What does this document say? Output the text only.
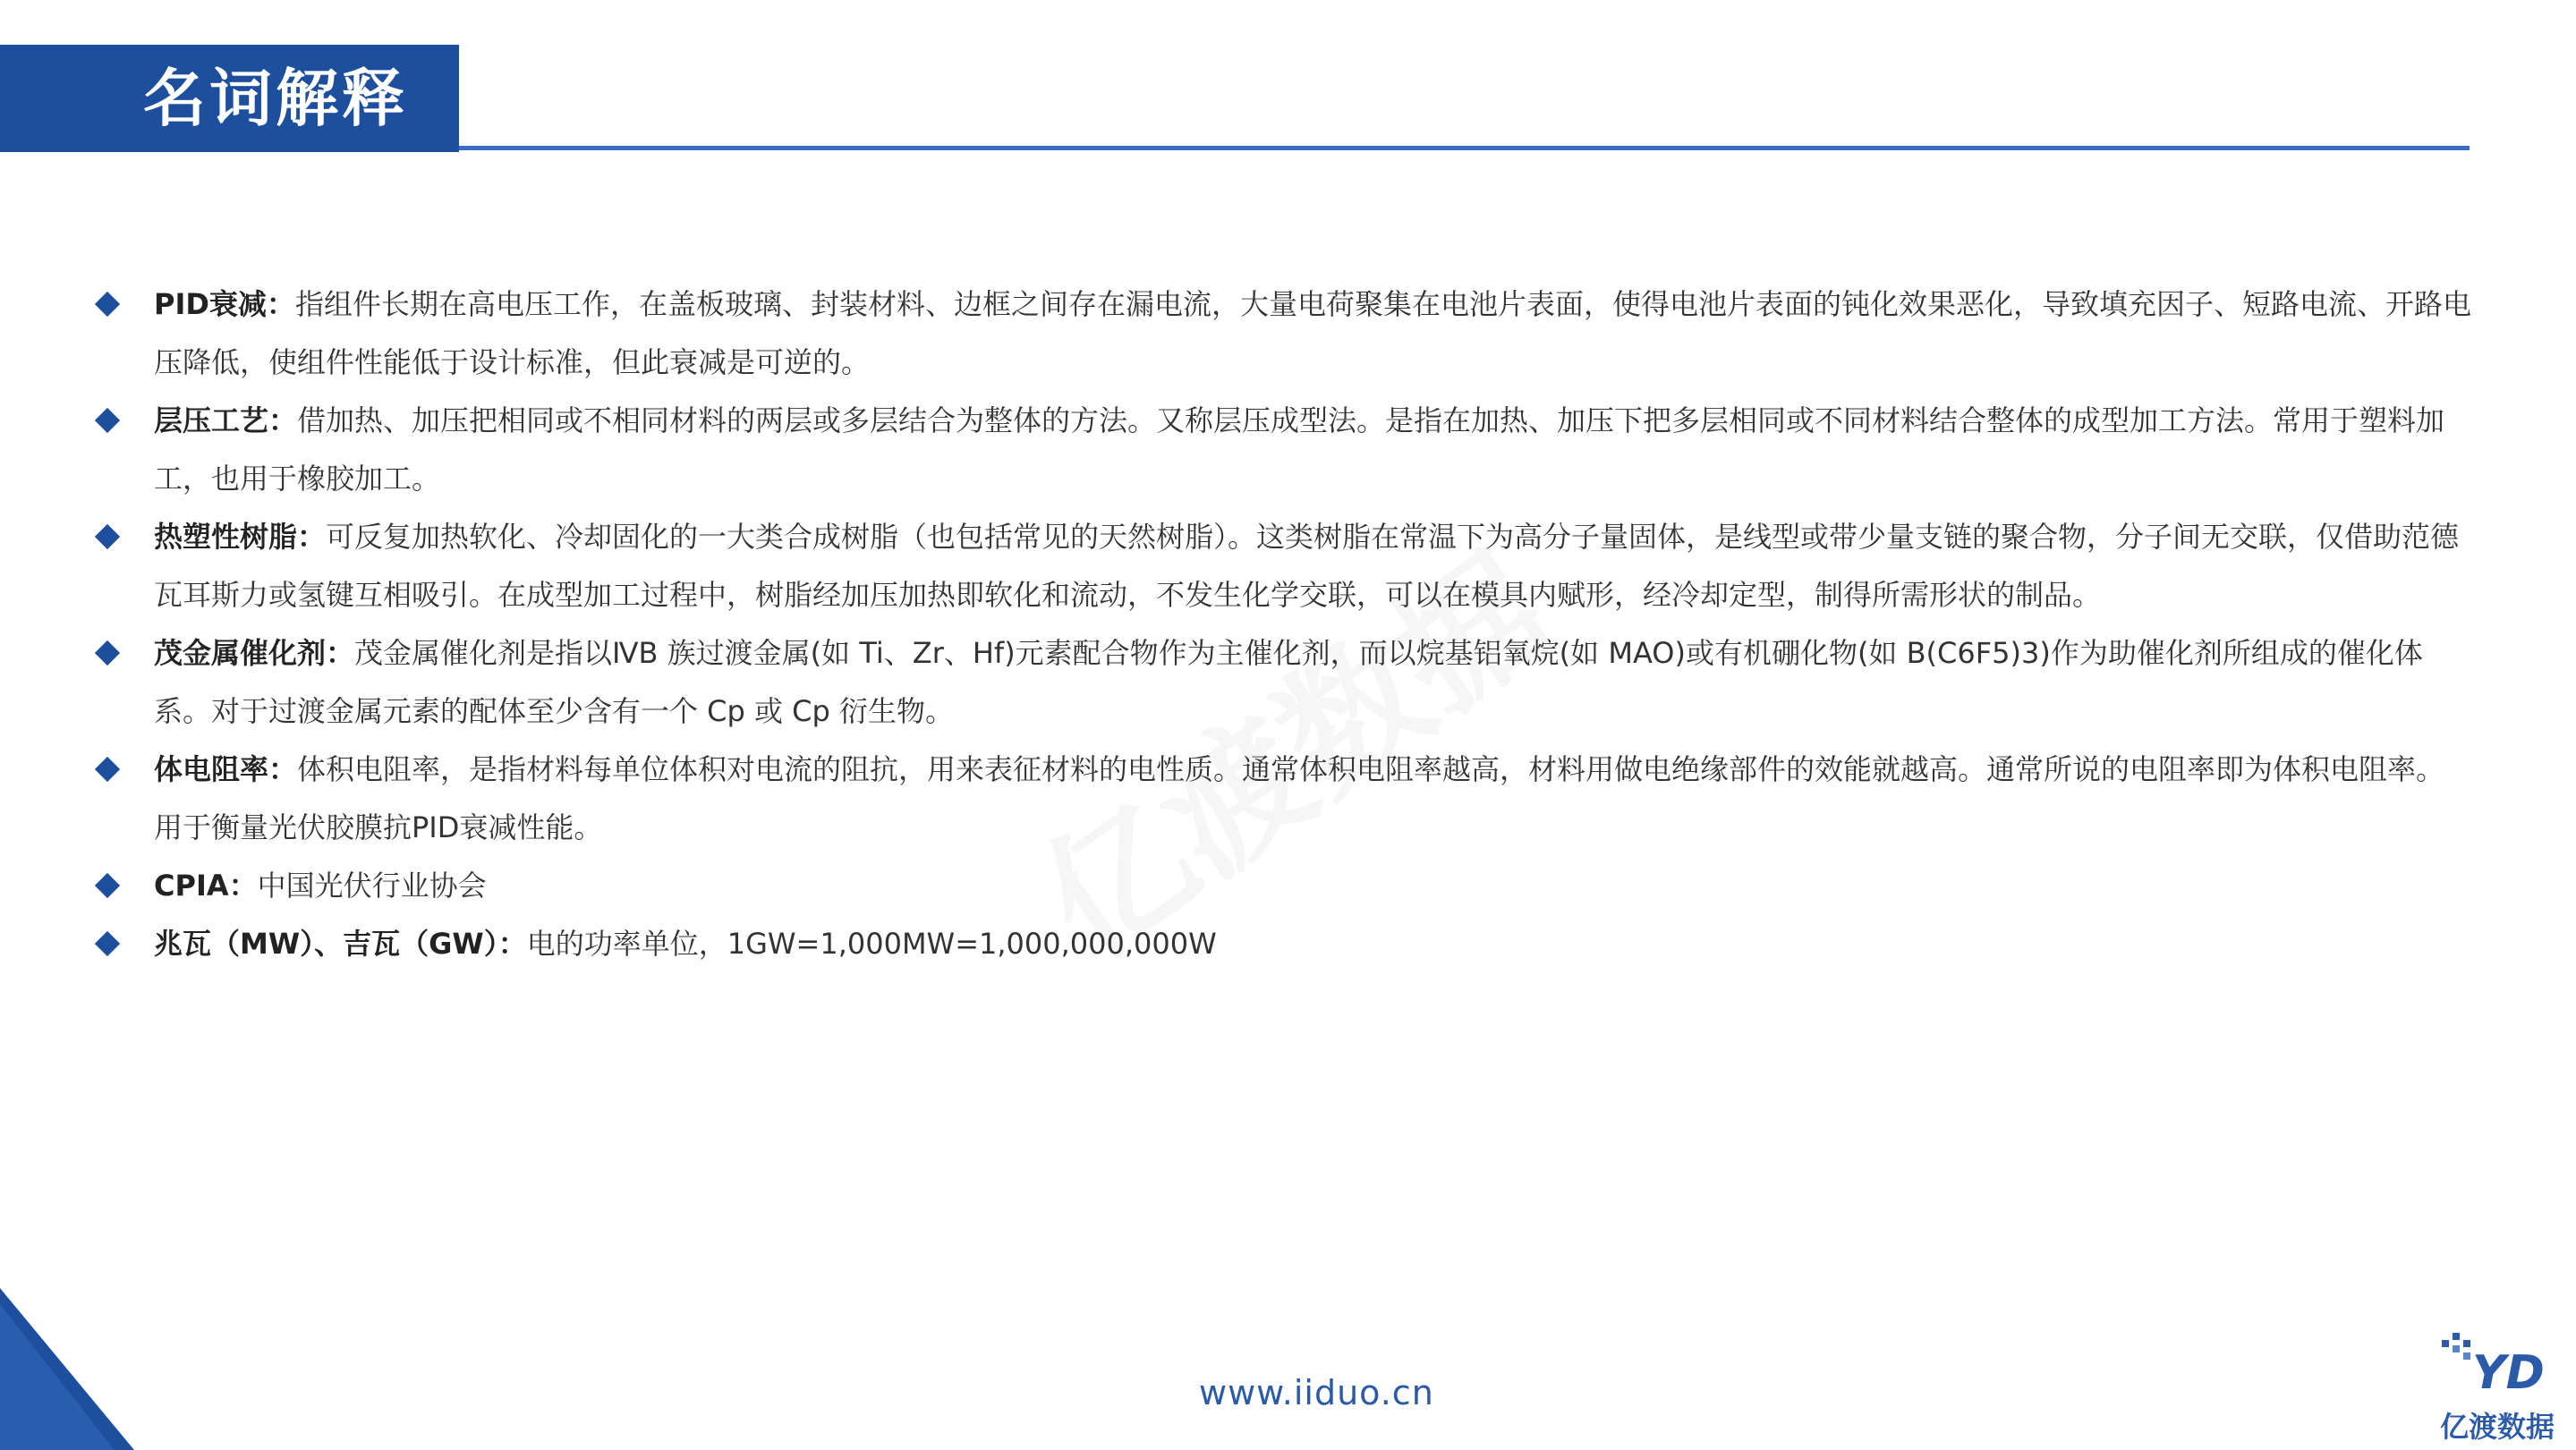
名词解释
亿渡数据
PID衰减：指组件长期在高电压工作，在盖板玻璃、封装材料、边框之间存在漏电流，大量电荷聚集在电池片表面，使得电池片表面的钝化效果恶化，导致填充因子、短路电流、开路电压降低，使组件性能低于设计标准，但此衰减是可逆的。
层压工艺：借加热、加压把相同或不相同材料的两层或多层结合为整体的方法。又称层压成型法。是指在加热、加压下把多层相同或不同材料结合整体的成型加工方法。常用于塑料加工，也用于橡胶加工。
热塑性树脂：可反复加热软化、冷却固化的一大类合成树脂（也包括常见的天然树脂）。这类树脂在常温下为高分子量固体，是线型或带少量支链的聚合物，分子间无交联，仅借助范德瓦耳斯力或氢键互相吸引。在成型加工过程中，树脂经加压加热即软化和流动，不发生化学交联，可以在模具内赋形，经冷却定型，制得所需形状的制品。
茂金属催化剂：茂金属催化剂是指以ⅣB 族过渡金属(如 Ti、Zr、Hf)元素配合物作为主催化剂，而以烷基铝氧烷(如 MAO)或有机硼化物(如 B(C6F5)3)作为助催化剂所组成的催化体系。对于过渡金属元素的配体至少含有一个 Cp 或 Cp 衍生物。
体电阻率：体积电阻率，是指材料每单位体积对电流的阻抗，用来表征材料的电性质。通常体积电阻率越高，材料用做电绝缘部件的效能就越高。通常所说的电阻率即为体积电阻率。用于衡量光伏胶膜抗PID衰减性能。
CPIA：中国光伏行业协会
兆瓦（MW）、吉瓦（GW）：电的功率单位，1GW=1,000MW=1,000,000,000W
www.iiduo.cn	YD
亿渡数据
